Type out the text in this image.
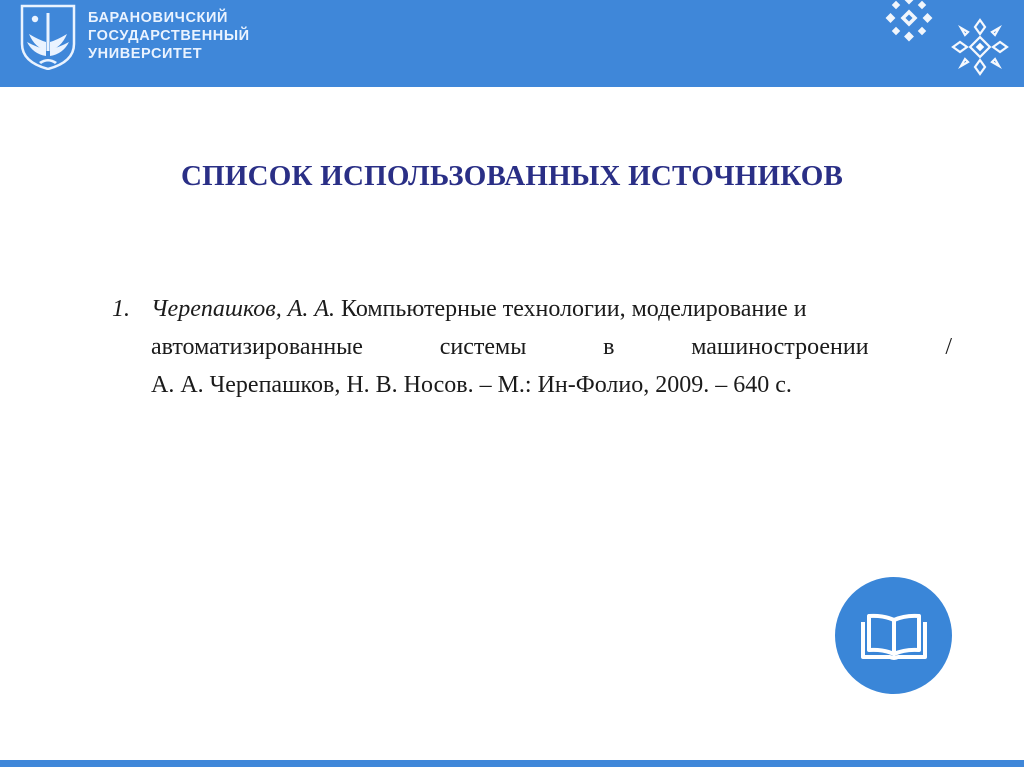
БАРАНОВИЧСКИЙ
ГОСУДАРСТВЕННЫЙ
УНИВЕРСИТЕТ
СПИСОК ИСПОЛЬЗОВАННЫХ ИСТОЧНИКОВ
1. Черепашков, А. А. Компьютерные технологии, моделирование и
автоматизированные	системы	в	машиностроении	/
А. А. Черепашков, Н. В. Носов. – М.: Ин-Фолио, 2009. – 640 с.
